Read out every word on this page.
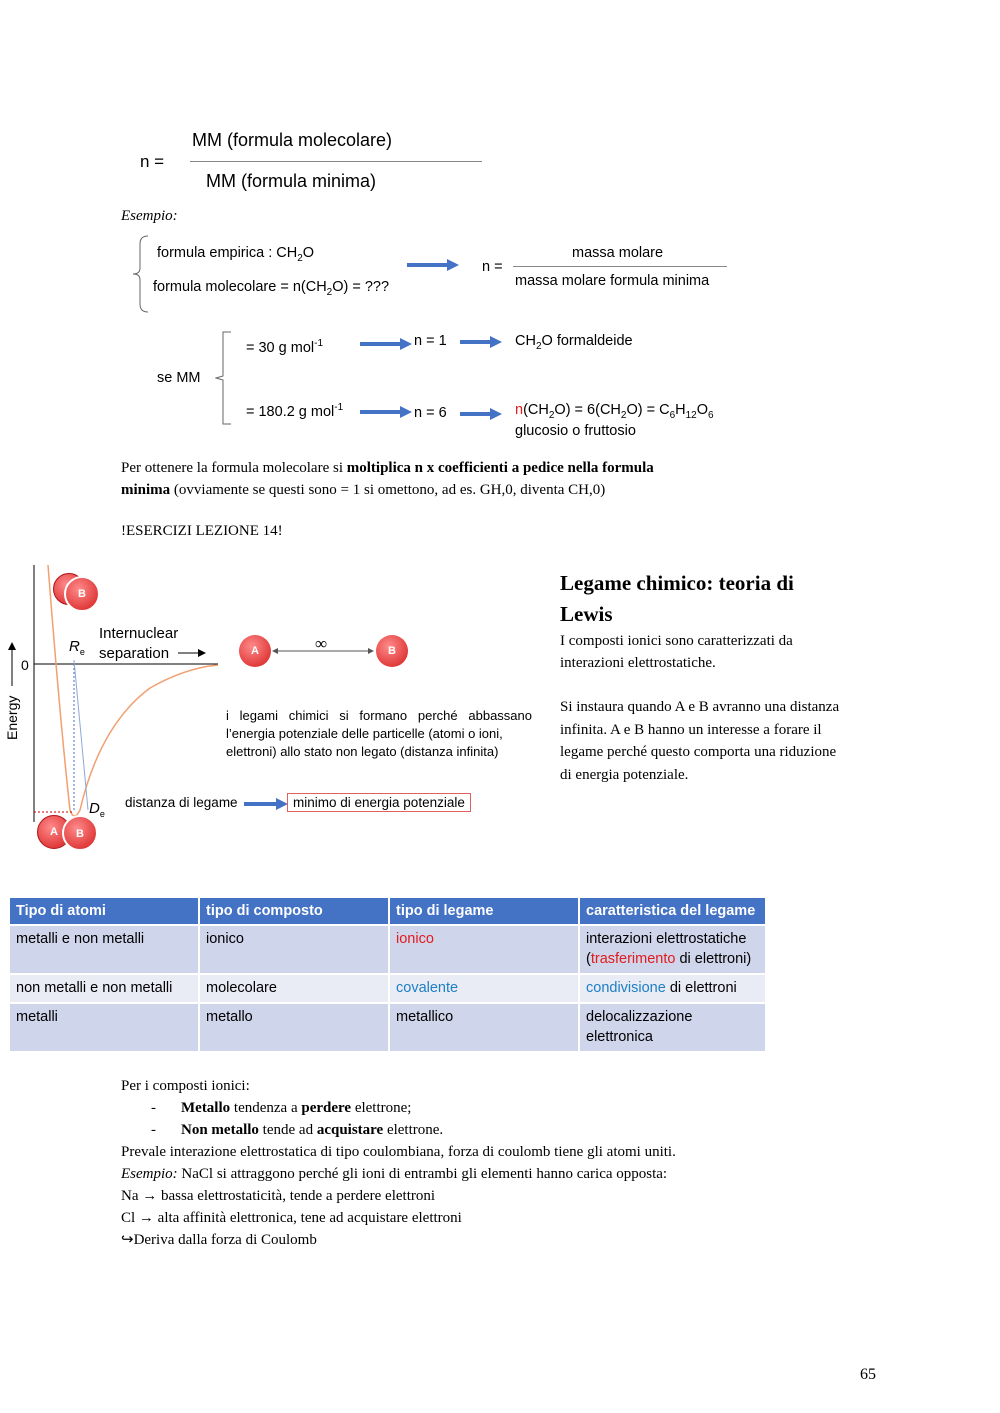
n =
MM (formula molecolare)
MM (formula minima)
Esempio:
formula empirica : $CH_2O$
formula molecolare = $n(CH_2O)$ = ???
n =
massa molare
massa molare formula minima
se MM
= 30 g mol$^{-1}$	n = 1	$CH_2O$ formaldeide
= 180.2 g mol$^{-1}$	n = 6	$n(CH_2O) = 6(CH_2O) = C_6H_{12}O_6$
glucosio o fruttosio
Per ottenere la formula molecolare si moltiplica n x coefficienti a pedice nella formula
minima (ovviamente se questi sono = 1 si omettono, ad es. GH,0, diventa CH,0)
!ESERCIZI LEZIONE 14!
Energy
0
$R_e$
$D_e$
Internuclear
separation
B
A	B
A	∞	B
i legami chimici si formano perché abbassano
l’energia potenziale delle particelle (atomi o ioni,
elettroni) allo stato non legato (distanza infinita)
distanza di legame	minimo di energia potenziale
Legame chimico: teoria di
Lewis
I composti ionici sono caratterizzati da
interazioni elettrostatiche.
Si instaura quando A e B avranno una distanza
infinita. A e B hanno un interesse a forare il
legame perché questo comporta una riduzione
di energia potenziale.
Tipo di atomi	tipo di composto	tipo di legame	caratteristica del legame
metalli e non metalli	ionico	ionico	interazioni elettrostatiche
(trasferimento di elettroni)

non metalli e non metalli	molecolare	covalente	condivisione di elettroni
metalli	metallo	metallico	delocalizzazione
elettronica
Per i composti ionici:
- Metallo tendenza a perdere elettrone;
- Non metallo tende ad acquistare elettrone.
Prevale interazione elettrostatica di tipo coulombiana, forza di coulomb tiene gli atomi uniti.
Esempio: NaCl si attraggono perché gli ioni di entrambi gli elementi hanno carica opposta:
Na → bassa elettrostaticità, tende a perdere elettroni
Cl → alta affinità elettronica, tene ad acquistare elettroni
↪Deriva dalla forza di Coulomb
65
